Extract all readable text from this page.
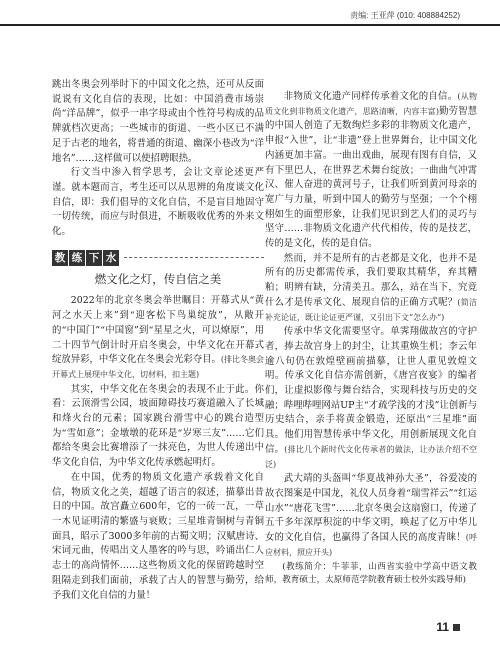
责编: 王亚萍 (010: 408884252)

跳出冬奥会列举时下的中国文化之热，还可从反面说说有文化自信的表现，比如：中国消费市场崇尚“洋品牌”，似乎一串字母或由个性符号构成的品牌就档次更高；一些城市的街道、一些小区已不满足于古老的地名，将普通的街道、幽深小巷改为“洋地名”……这样做可以使招聘眼热。

行文当中渗入哲学思考，会让文章论述更严谨。就本题而言，考生还可以从思辨的角度谈文化自信，即：我们倡导的文化自信，不是盲目地固守一切传统，而应与时俱进，不断吸收优秀的外来文化。

教 练 下 水
燃文化之灯，传自信之美

2022年的北京冬奥会举世瞩目：开幕式从“黄河之水天上来”到“迎客松下鸟巢绽放”，从敞开的“中国门”“中国窗”到“星星之火，可以燎原”，用二十四节气倒计时开启冬奥会，中华文化在开幕式绽放异彩，中华文化在冬奥会光彩夺目。(排比冬奥会开幕式上展现中华文化，切材料，扣主题)

其实，中华文化在冬奥会的表现不止于此。你看：云顶滑雪公园，坡面障碍技巧赛道融入了长城和烽火台的元素；国家跳台滑雪中心的跳台造型为“雪如意”；金墩墩的花环是“岁寒三友”……它们都给冬奥会比赛增添了一抹亮色，为世人传递出中华文化自信，为中华文化传承燃起明灯。

在中国，优秀的物质文化遗产承载着文化自信，物质文化之美，超越了语言的叙述，描摹出昔日的中国。故宫矗立600年，它的一砖一瓦，一草一木见证明清的繁盛与衰败；三星堆青铜树与青铜面具，昭示了3000多年前的古蜀文明；汉赋唐诗、宋词元曲，传唱出文人墨客的吟与思，吟诵出仁人志士的高尚情怀……这些物质文化的保留跨越时空阻隔走到我们面前，承载了古人的智慧与勤劳，给予我们文化自信的力量！

非物质文化遗产同样传承着文化的自信。(从物质文化到非物质文化遗产，思路清晰，内容丰富)勤劳智慧的中国人创造了无数绚烂多彩的非物质文化遗产，申报“入世”，让“非遗”登上世界舞台，让中国文化内涵更加丰富。一曲出戏曲，展现有图有自信，又有下里巴人，在世界艺术舞台绽放；一曲曲气冲霄汉、催人奋进的黄河号子，让我们听到黄河母亲的宽广与力量，听到中国人的勤劳与坚强；一个个栩栩如生的面塑形象，让我们见识到艺人们的灵巧与坚守……非物质文化遗产代代相传，传的是技艺，传的是文化，传的是自信。

然而，并不是所有的古老都是文化，也并不是所有的历史都需传承，我们要取其精华，弃其糟粕；明辨有缺，分清美丑。那么，站在当下，究竟什么才是传承文化、展现自信的正确方式呢？(简洁补充论证，既让论证更严谨，又引出下文“怎么办”)

传承中华文化需要坚守。单霁翔做故宫的守护者，捧去故宫身上的封尘，让其重焕生机；李云年逾八旬仍在敦煌壁画前描摹，让世人重见敦煌文明。传承文化自信亦需创新，《唐宫夜宴》的编者们，让虚拟影像与舞台结合，实现科技与历史的交融；哔哩哔哩网站UP主“才疏学浅的才浅”让创新与历史结合，亲手将黄金锻造，还原出“三星堆”面具。他们用智慧传承中华文化，用创新展现文化自信。(排比几个新时代文化传承者的做法，让办法介绍不空泛)

武大靖的头盔叫“华夏战神孙大圣”，谷爱凌的故衣图案是中国龙，礼仪人员身着“瑞雪祥云”“红运山水”“唐花飞雪”……北京冬奥会这扇窗口，传递了五千多年深厚积淀的中华文明，唤起了亿万中华儿女的文化自信，也赢得了各国人民的高度青睐！(呼应材料，照应开头)

(教练简介：牛菲菲，山西省实验中学高中语文教师，教育硕士，太原师范学院教育硕士校外实践导师)

11
